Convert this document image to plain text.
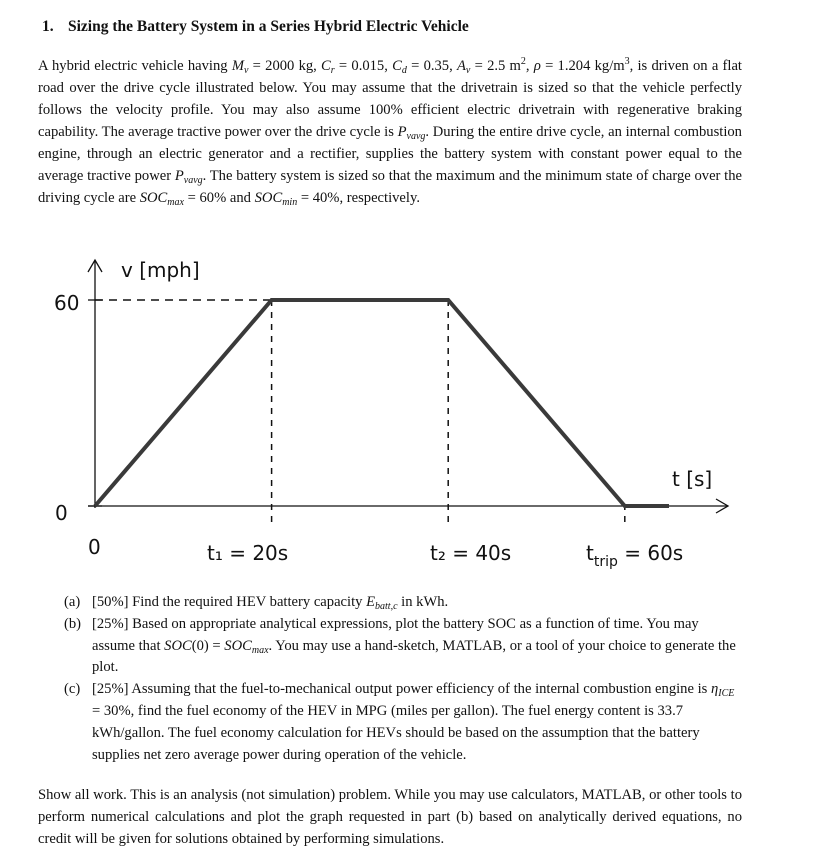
1. Sizing the Battery System in a Series Hybrid Electric Vehicle
A hybrid electric vehicle having $M_v = 2000$ kg, $C_r = 0.015$, $C_d = 0.35$, $A_v = 2.5$ $m^2$, ρ = 1.204 $kg/m^3$, is driven on a flat road over the drive cycle illustrated below. You may assume that the drivetrain is sized so that the vehicle perfectly follows the velocity profile. You may also assume 100% efficient electric drivetrain with regenerative braking capability. The average tractive power over the drive cycle is $P_{vavg}$. During the entire drive cycle, an internal combustion engine, through an electric generator and a rectifier, supplies the battery system with constant power equal to the average tractive power $P_{vavg}$. The battery system is sized so that the maximum and the minimum state of charge over the driving cycle are $SOC_{max} = 60\%$ and $SOC_{min} = 40\%$, respectively.
v [mph]
t [s]
60
0
0	t₁ = 20s	t₂ = 40s	$t_{trip} = 60s$
(a) [50%] Find the required HEV battery capacity $E_{batt,c}$ in kWh.
(b) [25%] Based on appropriate analytical expressions, plot the battery SOC as a function of time. You may assume that $SOC(0) = SOC_{max}$. You may use a hand-sketch, MATLAB, or a tool of your choice to generate the plot.
(c) [25%] Assuming that the fuel-to-mechanical output power efficiency of the internal combustion engine is $\eta_{ICE} = 30\%$, find the fuel economy of the HEV in MPG (miles per gallon). The fuel energy content is 33.7 kWh/gallon. The fuel economy calculation for HEVs should be based on the assumption that the battery supplies net zero average power during operation of the vehicle.
Show all work. This is an analysis (not simulation) problem. While you may use calculators, MATLAB, or other tools to perform numerical calculations and plot the graph requested in part (b) based on analytically derived equations, no credit will be given for solutions obtained by performing simulations.
